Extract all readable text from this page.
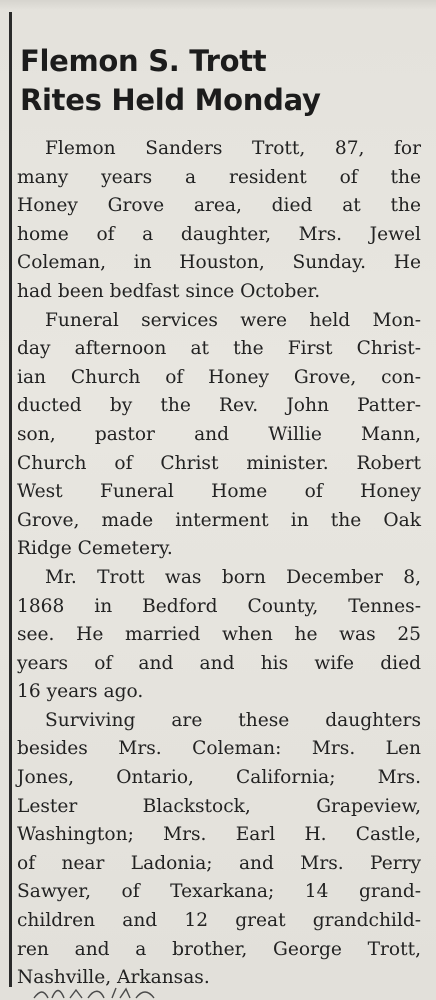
Flemon S. Trott
Rites Held Monday

Flemon Sanders Trott, 87, for
many years a resident of the
Honey Grove area, died at the
home of a daughter, Mrs. Jewel
Coleman, in Houston, Sunday. He
had been bedfast since October.

Funeral services were held Mon-
day afternoon at the First Christ-
ian Church of Honey Grove, con-
ducted by the Rev. John Patter-
son, pastor and Willie Mann,
Church of Christ minister. Robert
West Funeral Home of Honey
Grove, made interment in the Oak
Ridge Cemetery.

Mr. Trott was born December 8,
1868 in Bedford County, Tennes-
see. He married when he was 25
years of and and his wife died
16 years ago.

Surviving are these daughters
besides Mrs. Coleman: Mrs. Len
Jones, Ontario, California; Mrs.
Lester Blackstock, Grapeview,
Washington; Mrs. Earl H. Castle,
of near Ladonia; and Mrs. Perry
Sawyer, of Texarkana; 14 grand-
children and 12 great grandchild-
ren and a brother, George Trott,
Nashville, Arkansas.
